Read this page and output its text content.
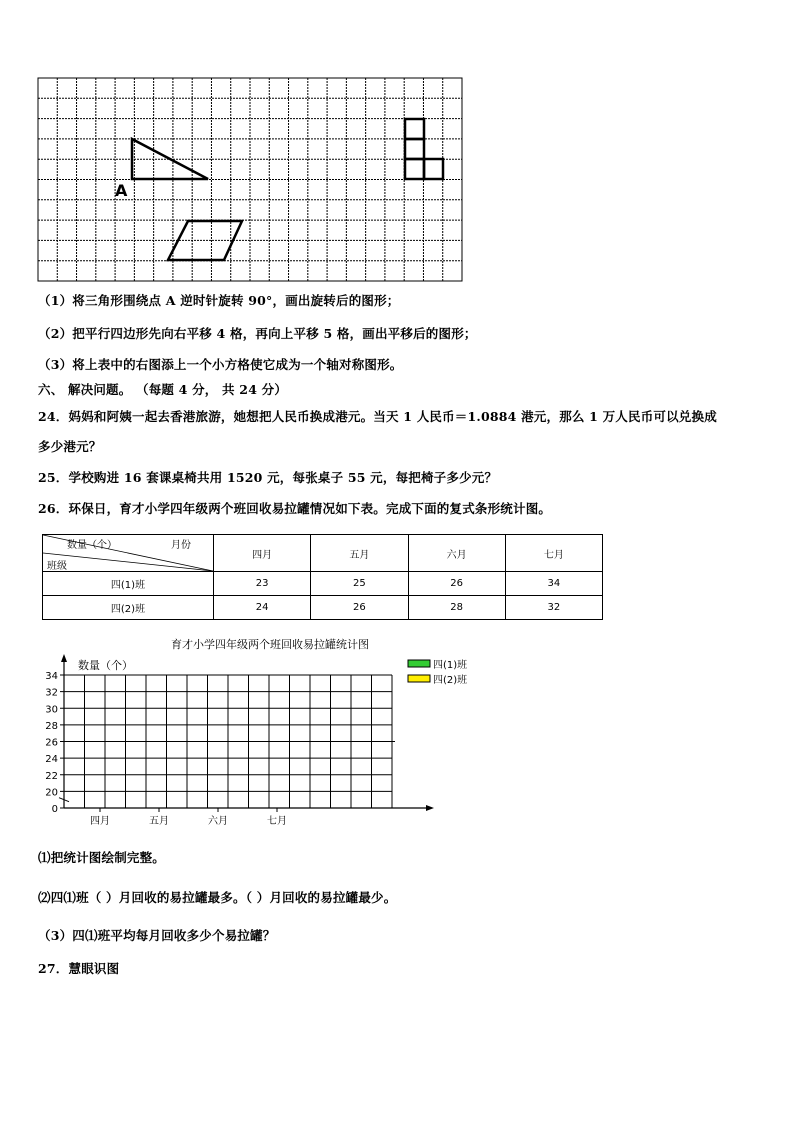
A
（1）将三角形围绕点 A 逆时针旋转 90°，画出旋转后的图形；
（2）把平行四边形先向右平移 4 格，再向上平移 5 格，画出平移后的图形；
（3）将上表中的右图添上一个小方格使它成为一个轴对称图形。
六、 解决问题。 （每题 4 分， 共 24 分）
24．妈妈和阿姨一起去香港旅游，她想把人民币换成港元。当天 1 人民币＝1.0884 港元，那么 1 万人民币可以兑换成
多少港元？
25．学校购进 16 套课桌椅共用 1520 元，每张桌子 55 元，每把椅子多少元？
26．环保日，育才小学四年级两个班回收易拉罐情况如下表。完成下面的复式条形统计图。
数量（个） 月份
班级	四月	五月	六月	七月
四(1)班	23	25	26	34
四(2)班	24	26	28	32
育才小学四年级两个班回收易拉罐统计图
数量（个）
0
20
22
24
26
28
30
32
34
四月	五月	六月	七月
四(1)班
四(2)班
⑴把统计图绘制完整。
⑵四⑴班（ ）月回收的易拉罐最多。（ ）月回收的易拉罐最少。
（3）四⑴班平均每月回收多少个易拉罐？
27．慧眼识图
